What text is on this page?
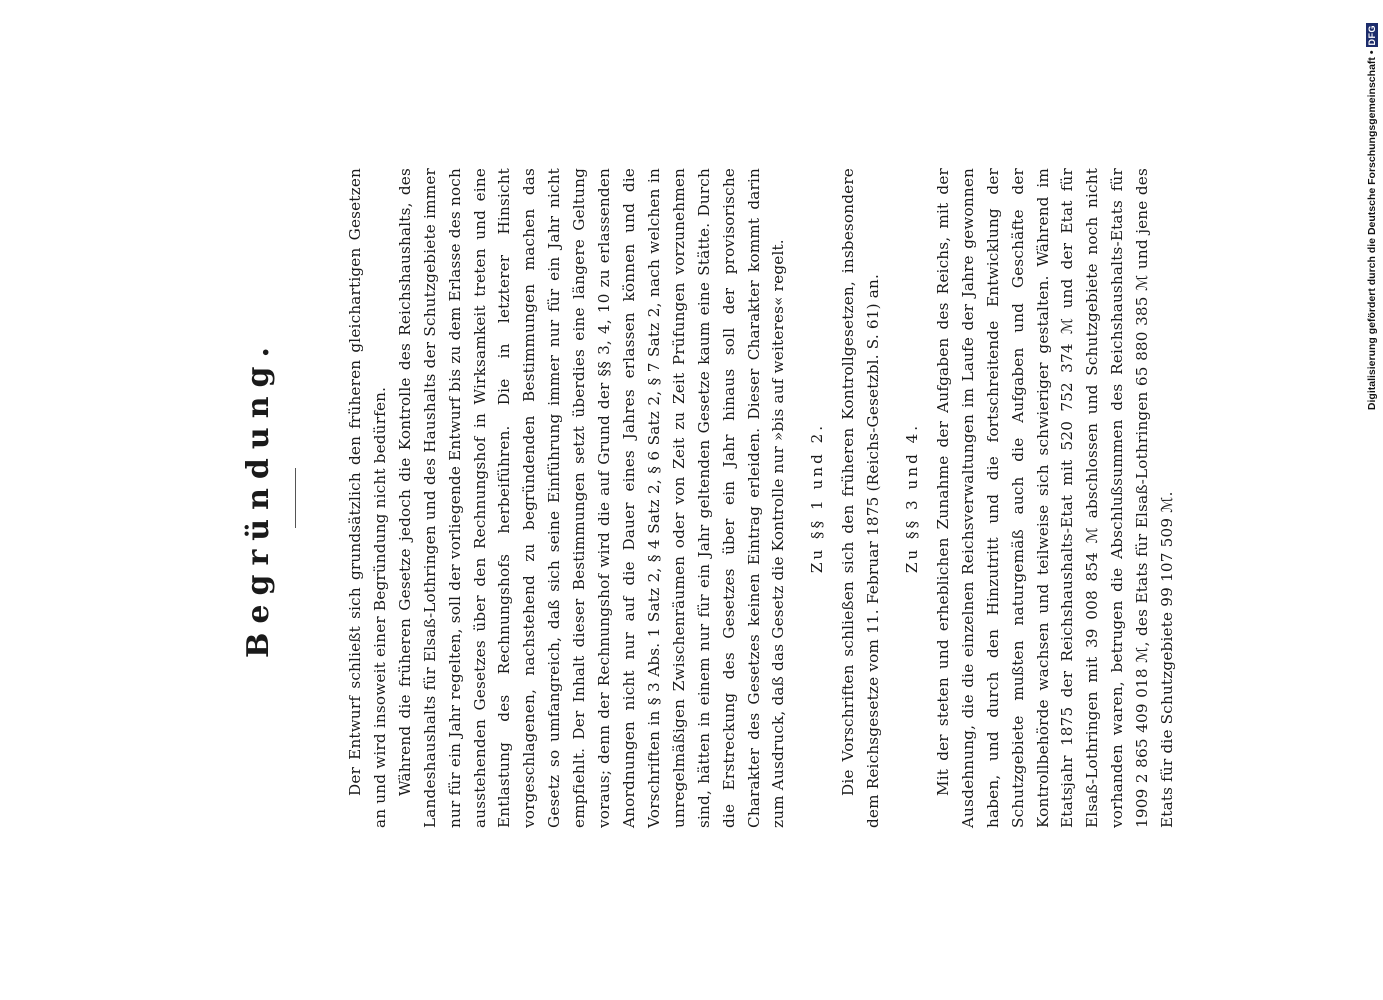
Begründung.	Der Entwurf schließt sich grundsätzlich den früheren gleichartigen Gesetzen an und wird insoweit einer Begründung nicht bedürfen. Während die früheren Gesetze jedoch die Kontrolle des Reichshaushalts, des Landeshaushalts für Elsaß-Lothringen und des Haushalts der Schutzgebiete immer nur für ein Jahr regelten, soll der vorliegende Entwurf bis zu dem Erlasse des noch ausstehenden Gesetzes über den Rechnungshof in Wirksamkeit treten und eine Entlastung des Rechnungshofs herbeiführen. Die in letzterer Hinsicht vorgeschlagenen, nachstehend zu begründenden Bestimmungen machen das Gesetz so umfangreich, daß sich seine Einführung immer nur für ein Jahr nicht empfiehlt. Der Inhalt dieser Bestimmungen setzt überdies eine längere Geltung voraus; denn der Rechnungshof wird die auf Grund der §§ 3, 4, 10 zu erlassenden Anordnungen nicht nur auf die Dauer eines Jahres erlassen können und die Vorschriften in § 3 Abs. 1 Satz 2, § 4 Satz 2, § 6 Satz 2, § 7 Satz 2, nach welchen in unregelmäßigen Zwischenräumen oder von Zeit zu Zeit Prüfungen vorzunehmen sind, hätten in einem nur für ein Jahr geltenden Gesetze kaum eine Stätte. Durch die Erstreckung des Gesetzes über ein Jahr hinaus soll der provisorische Charakter des Gesetzes keinen Eintrag erleiden. Dieser Charakter kommt darin zum Ausdruck, daß das Gesetz die Kontrolle nur »bis auf weiteres« regelt. Zu §§ 1 und 2. Die Vorschriften schließen sich den früheren Kontrollgesetzen, insbesondere dem Reichsgesetze vom 11. Februar 1875 (Reichs-Gesetzbl. S. 61) an. Zu §§ 3 und 4. Mit der steten und erheblichen Zunahme der Aufgaben des Reichs, mit der Ausdehnung, die die einzelnen Reichsverwaltungen im Laufe der Jahre gewonnen haben, und durch den Hinzutritt und die fortschreitende Entwicklung der Schutzgebiete mußten naturgemäß auch die Aufgaben und Geschäfte der Kontrollbehörde wachsen und teilweise sich schwieriger gestalten. Während im Etatsjahr 1875 der Reichshaushalts-Etat mit 520 752 374 ℳ und der Etat für Elsaß-Lothringen mit 39 008 854 ℳ abschlossen und Schutzgebiete noch nicht vorhanden waren, betrugen die Abschlußsummen des Reichshaushalts-Etats für 1909 2 865 409 018 ℳ, des Etats für Elsaß-Lothringen 65 880 385 ℳ und jene des Etats für die Schutzgebiete 99 107 509 ℳ.

Digitalisierung gefördert durch die Deutsche Forschungsgemeinschaft •
DFG
